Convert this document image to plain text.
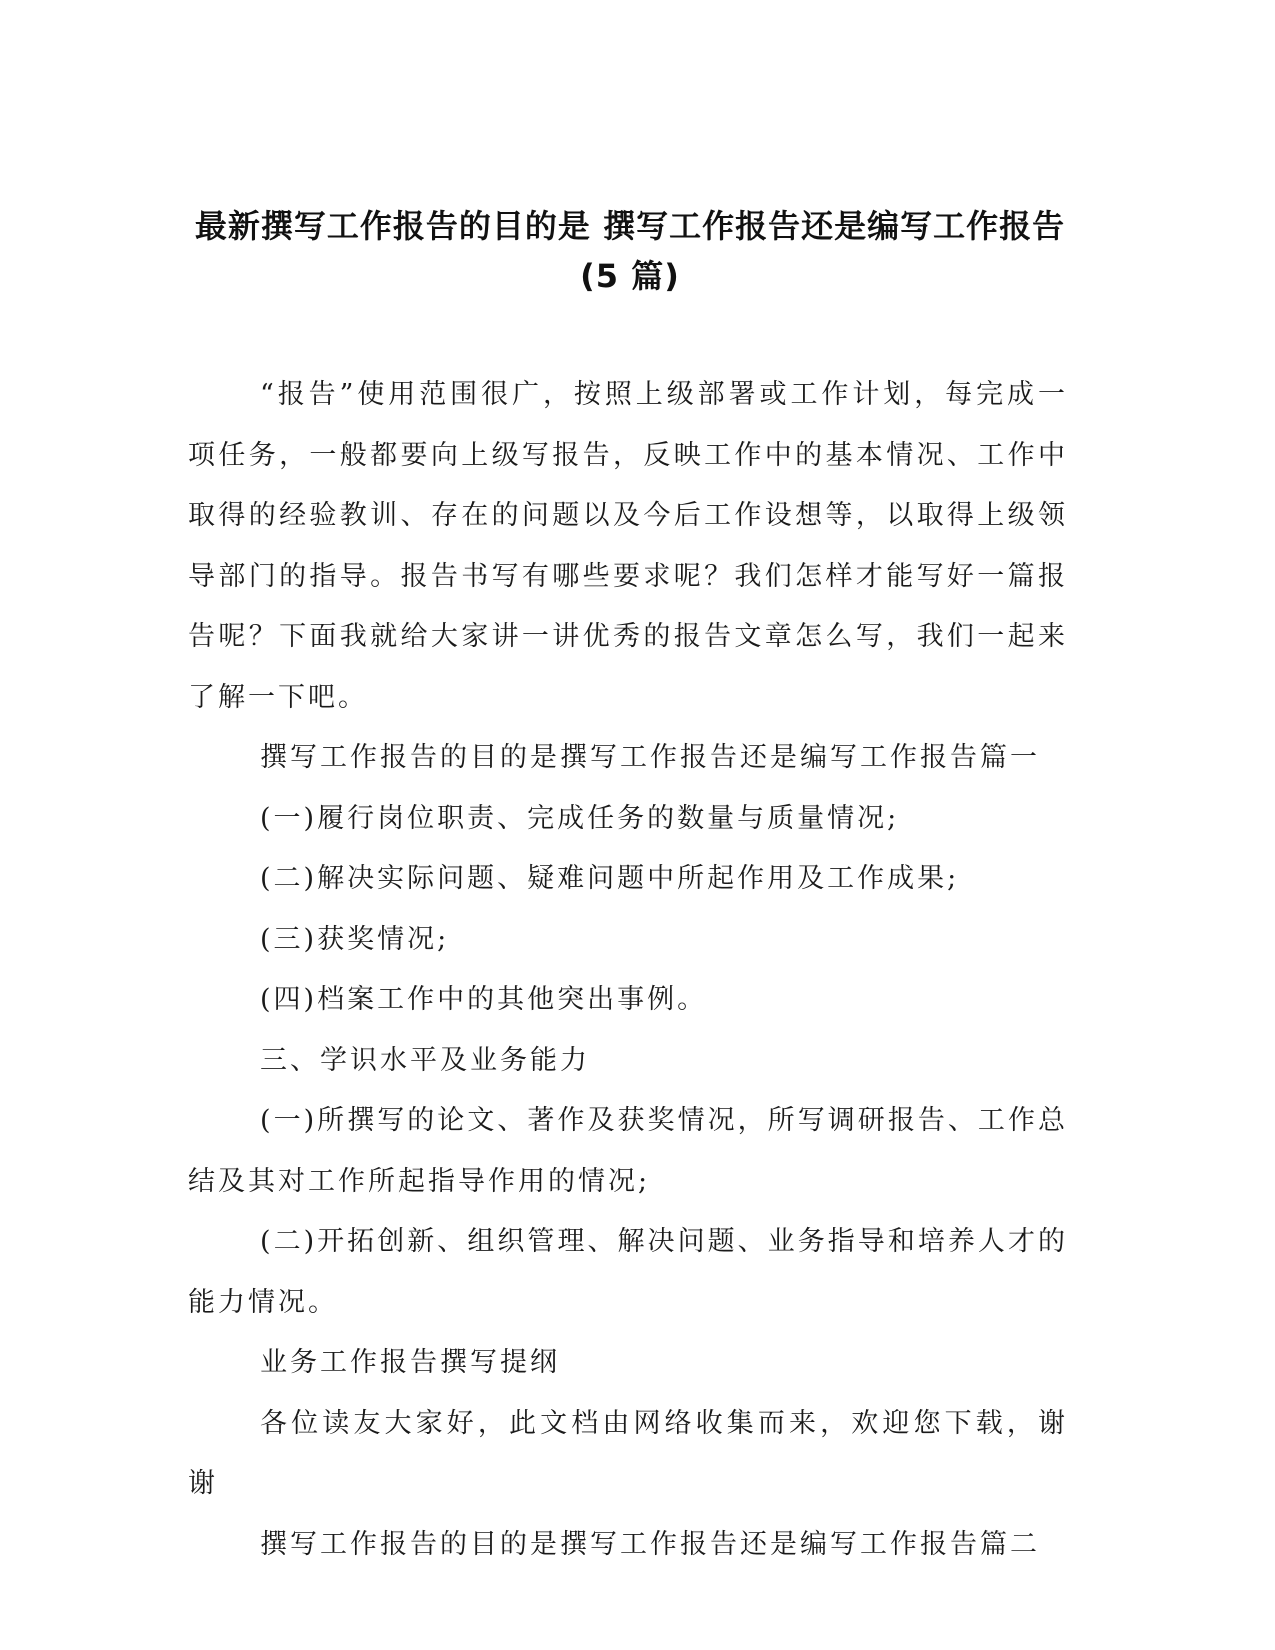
最新撰写工作报告的目的是 撰写工作报告还是编写工作报告
(5 篇)

“报告”使用范围很广，按照上级部署或工作计划，每完成一项任务，一般都要向上级写报告，反映工作中的基本情况、工作中取得的经验教训、存在的问题以及今后工作设想等，以取得上级领导部门的指导。报告书写有哪些要求呢？我们怎样才能写好一篇报告呢？下面我就给大家讲一讲优秀的报告文章怎么写，我们一起来了解一下吧。

撰写工作报告的目的是撰写工作报告还是编写工作报告篇一

(一)履行岗位职责、完成任务的数量与质量情况;

(二)解决实际问题、疑难问题中所起作用及工作成果;

(三)获奖情况;

(四)档案工作中的其他突出事例。

三、学识水平及业务能力

(一)所撰写的论文、著作及获奖情况，所写调研报告、工作总结及其对工作所起指导作用的情况;

(二)开拓创新、组织管理、解决问题、业务指导和培养人才的能力情况。

业务工作报告撰写提纲

各位读友大家好，此文档由网络收集而来，欢迎您下载，谢谢

撰写工作报告的目的是撰写工作报告还是编写工作报告篇二
